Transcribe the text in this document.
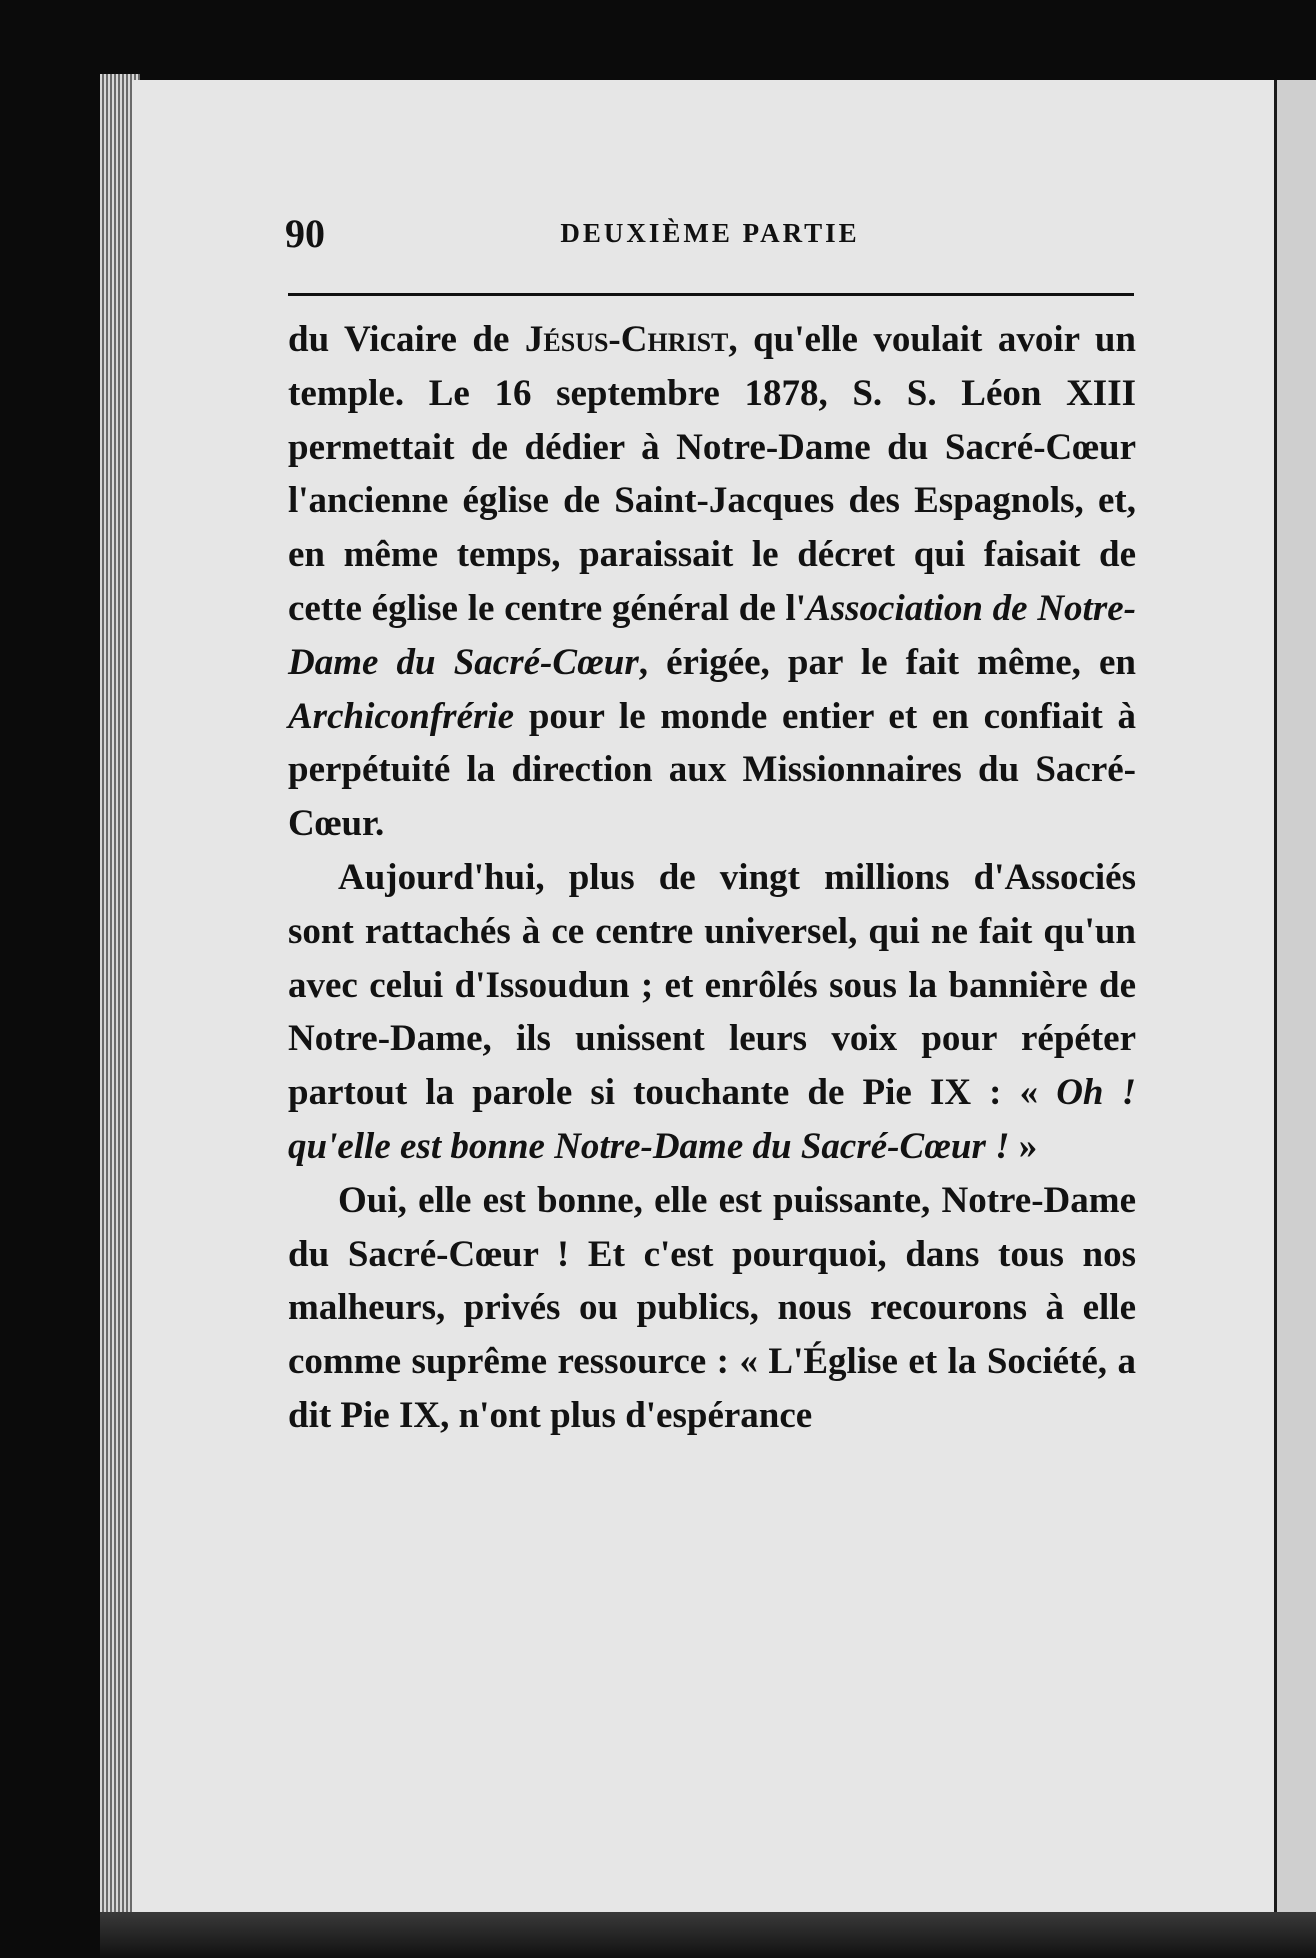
90	DEUXIÈME PARTIE

du Vicaire de Jésus-Christ, qu'elle voulait avoir un temple. Le 16 septembre 1878, S. S. Léon XIII permettait de dédier à Notre-Dame du Sacré-Cœur l'ancienne église de Saint-Jacques des Espagnols, et, en même temps, paraissait le décret qui faisait de cette église le centre général de l'Association de Notre-Dame du Sacré-Cœur, érigée, par le fait même, en Archiconfrérie pour le monde entier et en confiait à perpétuité la direction aux Missionnaires du Sacré-Cœur.

Aujourd'hui, plus de vingt millions d'Associés sont rattachés à ce centre universel, qui ne fait qu'un avec celui d'Issoudun ; et enrôlés sous la bannière de Notre-Dame, ils unissent leurs voix pour répéter partout la parole si touchante de Pie IX : « Oh ! qu'elle est bonne Notre-Dame du Sacré-Cœur ! »

Oui, elle est bonne, elle est puissante, Notre-Dame du Sacré-Cœur ! Et c'est pourquoi, dans tous nos malheurs, privés ou publics, nous recourons à elle comme suprême ressource : « L'Église et la Société, a dit Pie IX, n'ont plus d'espérance
